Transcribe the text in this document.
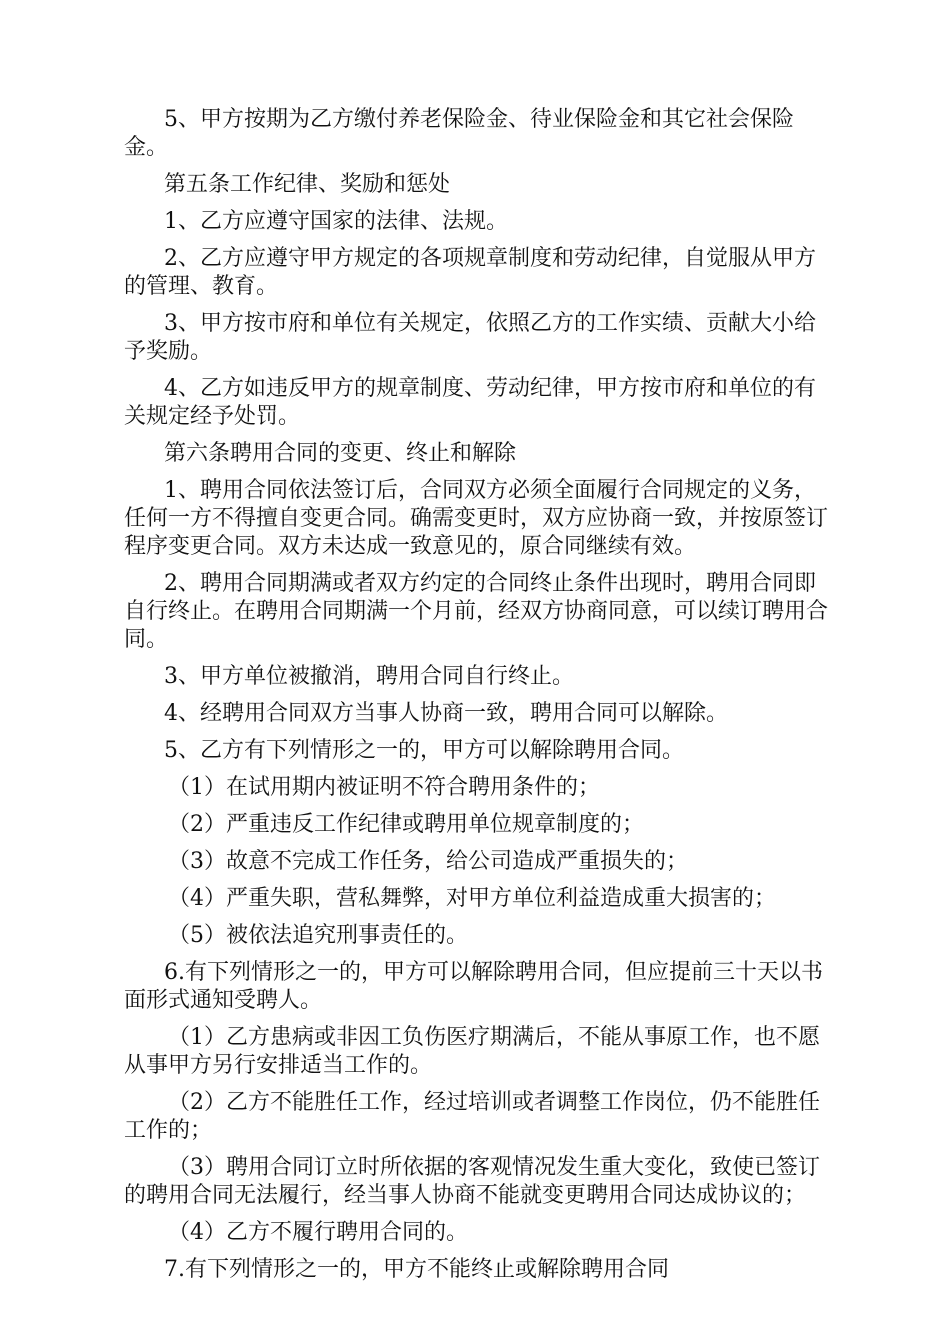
5、甲方按期为乙方缴付养老保险金、待业保险金和其它社会保险金。

第五条工作纪律、奖励和惩处

1、乙方应遵守国家的法律、法规。

2、乙方应遵守甲方规定的各项规章制度和劳动纪律，自觉服从甲方的管理、教育。

3、甲方按市府和单位有关规定，依照乙方的工作实绩、贡献大小给予奖励。

4、乙方如违反甲方的规章制度、劳动纪律，甲方按市府和单位的有关规定经予处罚。

第六条聘用合同的变更、终止和解除

1、聘用合同依法签订后，合同双方必须全面履行合同规定的义务，任何一方不得擅自变更合同。确需变更时，双方应协商一致，并按原签订程序变更合同。双方未达成一致意见的，原合同继续有效。

2、聘用合同期满或者双方约定的合同终止条件出现时，聘用合同即自行终止。在聘用合同期满一个月前，经双方协商同意，可以续订聘用合同。

3、甲方单位被撤消，聘用合同自行终止。

4、经聘用合同双方当事人协商一致，聘用合同可以解除。

5、乙方有下列情形之一的，甲方可以解除聘用合同。

（1）在试用期内被证明不符合聘用条件的；

（2）严重违反工作纪律或聘用单位规章制度的；

（3）故意不完成工作任务，给公司造成严重损失的；

（4）严重失职，营私舞弊，对甲方单位利益造成重大损害的；

（5）被依法追究刑事责任的。

6.有下列情形之一的，甲方可以解除聘用合同，但应提前三十天以书面形式通知受聘人。

（1）乙方患病或非因工负伤医疗期满后，不能从事原工作，也不愿从事甲方另行安排适当工作的。

（2）乙方不能胜任工作，经过培训或者调整工作岗位，仍不能胜任工作的；

（3）聘用合同订立时所依据的客观情况发生重大变化，致使已签订的聘用合同无法履行，经当事人协商不能就变更聘用合同达成协议的；

（4）乙方不履行聘用合同的。

7.有下列情形之一的，甲方不能终止或解除聘用合同
